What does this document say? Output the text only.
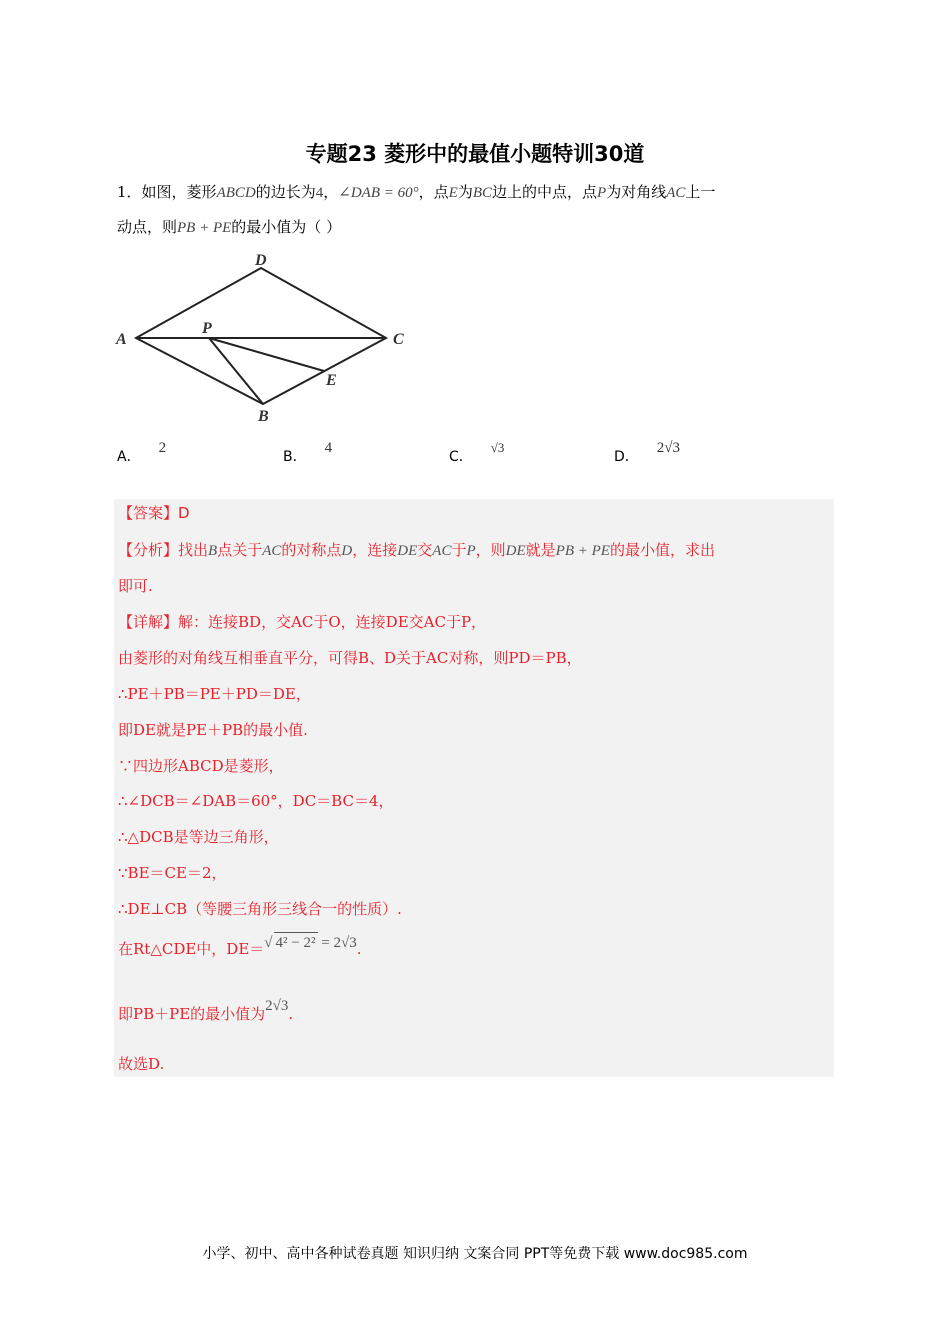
专题23 菱形中的最值小题特训30道
1．如图，菱形ABCD的边长为4，∠DAB = 60°，点E为BC边上的中点，点P为对角线AC上一
动点，则PB + PE的最小值为（ ）
A
D
C
P
E
B
A．2
B．4
C．√3
D．2√3
【答案】D
【分析】找出B点关于AC的对称点D，连接DE交AC于P，则DE就是PB + PE的最小值，求出
即可.
【详解】解：连接BD，交AC于O，连接DE交AC于P，
由菱形的对角线互相垂直平分，可得B、D关于AC对称，则PD＝PB，
∴PE＋PB＝PE＋PD＝DE，
即DE就是PE＋PB的最小值.
∵四边形ABCD是菱形，
∴∠DCB＝∠DAB＝60°，DC＝BC＝4，
∴△DCB是等边三角形，
∵BE＝CE＝2，
∴DE⊥CB（等腰三角形三线合一的性质）.
在Rt△CDE中，DE＝√ 4² − 2² = 2√3.
即PB＋PE的最小值为2√3.
故选D.
小学、初中、高中各种试卷真题 知识归纳 文案合同 PPT等免费下载 www.doc985.com
